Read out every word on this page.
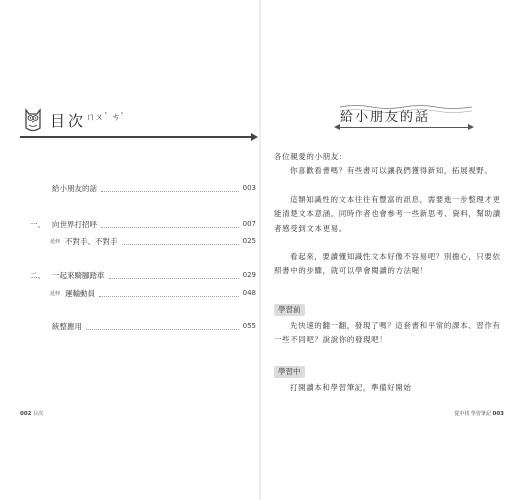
目次$^{ㄇㄨˋ ㄘˋ}$
給小朋友的話	003
一、 向世界打招呼	007
延伸 不對手、不對手	025
二、 一起來騎腳踏車	029
延伸 運輸動員	048
統整應用	055
002 目次
給小朋友的話
各位親愛的小朋友：
你喜歡看書嗎？有些書可以讓我們獲得新知，拓展視野。
這類知識性的文本往往有豐富的訊息，需要進一步整理才更能清楚文本意涵。同時作者也會參考一些新思考、資料，幫助讀者感受到文本更易。
看起來，要讀懂知識性文本好像不容易吧？別擔心，只要依照書中的步驟，就可以學會閱讀的方法喔！
學習前
先快速的翻一翻，發現了嗎？這套書和平常的課本、習作有一些不同吧？說說你的發現吧！
學習中
打開讀本和學習筆記，準備好開始
從中找 學習筆記 003
